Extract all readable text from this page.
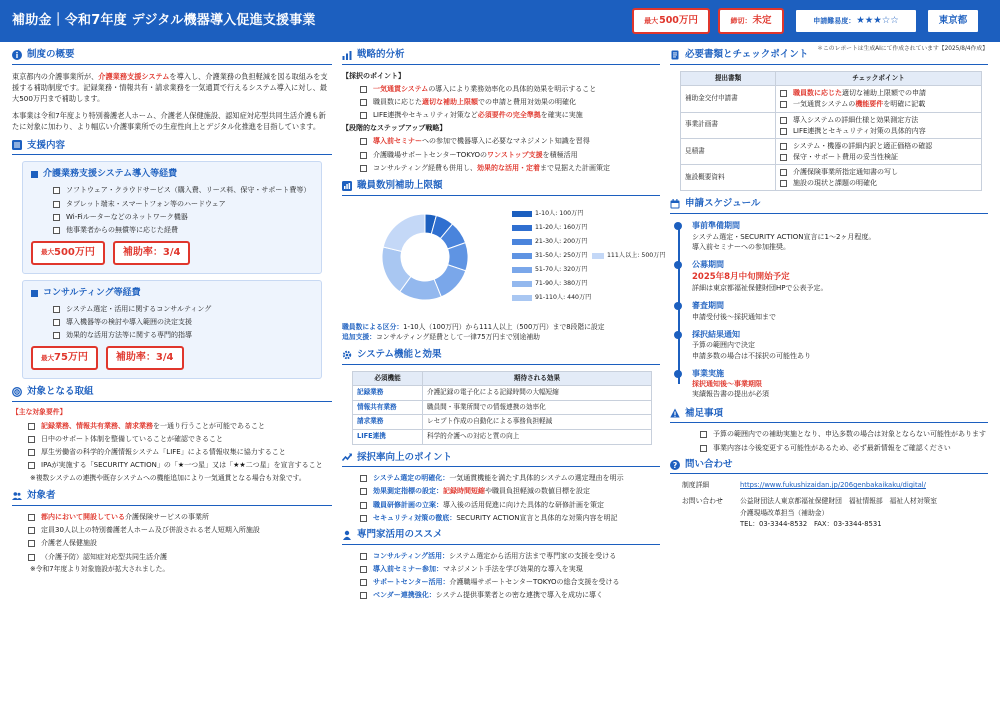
補助金｜令和7年度 デジタル機器導入促進支援事業	最大 500万円	締切： 未定	申請難易度： ★★★☆☆	東京都
制度の概要
東京都内の介護事業所が、介護業務支援システムを導入し、介護業務の負担軽減を図る取組みを支援する補助制度です。記録業務・情報共有・請求業務を一気通貫で行えるシステム導入に対し、最大500万円まで補助します。
本事業は令和7年度より特別養護老人ホーム、介護老人保健施設、認知症対応型共同生活介護も新たに対象に加わり、より幅広い介護事業所での生産性向上とデジタル化推進を目指しています。
支援内容
介護業務支援システム導入等経費
ソフトウェア・クラウドサービス（購入費、リース料、保守・サポート費等）
タブレット端末・スマートフォン等のハードウェア
Wi-Fiルーターなどのネットワーク機器
他事業者からの無償等に応じた経費
最大 500万円	補助率：3/4
コンサルティング等経費
システム選定・活用に関するコンサルティング
導入機器等の検討や導入範囲の決定支援
効果的な活用方法等に関する専門的指導
最大 75万円	補助率：3/4
対象となる取組
【主な対象要件】
記録業務、情報共有業務、請求業務を一通り行うことが可能であること
日中のサポート体制を整備していることが確認できること
厚生労働省の科学的介護情報システム「LIFE」による情報収集に協力すること
IPAが実施する「SECURITY ACTION」の「★一つ星」又は「★★二つ星」を宣言すること
※複数システムの連携や既存システムへの機能追加により一気通貫となる場合も対象です。
対象者
都内において開設している介護保険サービスの事業所
定員30人以上の特別養護老人ホーム及び併設される老人短期入所施設
介護老人保健施設
（介護予防）認知症対応型共同生活介護
※令和7年度より対象施設が拡大されました。
戦略的分析
【採択のポイント】
一気通貫システムの導入により業務効率化の具体的効果を明示すること
職員数に応じた適切な補助上限額での申請と費用対効果の明確化
LIFE連携やセキュリティ対策など必須要件の完全準拠を確実に実施
【段階的なステップアップ戦略】
導入前セミナーへの参加で機器導入に必要なマネジメント知識を習得
介護職場サポートセンターTOKYOのワンストップ支援を積極活用
コンサルティング経費も併用し、効果的な活用・定着まで見据えた計画策定
職員数別補助上限額
1-10人: 100万円
11-20人: 160万円
21-30人: 200万円
31-50人: 250万円
51-70人: 320万円
71-90人: 380万円
91-110人: 440万円
111人以上: 500万円
職員数による区分：1-10人（100万円）から111人以上（500万円）まで8段階に設定
追加支援：コンサルティング経費として一律75万円まで別途補助
システム機能と効果
必須機能	期待される効果
記録業務	介護記録の電子化による記録時間の大幅短縮
情報共有業務	職員間・事業所間での情報連携の効率化
請求業務	レセプト作成の自動化による事務負担軽減
LIFE連携	科学的介護への対応と質の向上
採択率向上のポイント
システム選定の明確化：一気通貫機能を満たす具体的システムの選定理由を明示
効果測定指標の設定：記録時間短縮や職員負担軽減の数値目標を設定
職員研修計画の立案：導入後の活用促進に向けた具体的な研修計画を策定
セキュリティ対策の徹底：SECURITY ACTION宣言と具体的な対策内容を明記
専門家活用のススメ
コンサルティング活用：システム選定から活用方法まで専門家の支援を受ける
導入前セミナー参加：マネジメント手法を学び効果的な導入を実現
サポートセンター活用：介護職場サポートセンターTOKYOの総合支援を受ける
ベンダー連携強化：システム提供事業者との密な連携で導入を成功に導く
必要書類とチェックポイント ＊このレポートは生成AIにて作成されています【2025/8/4作成】
提出書類	チェックポイント
補助金交付申請書	職員数に応じた適切な補助上限額での申請
一気通貫システムの機能要件を明確に記載

事業計画書	導入システムの詳細仕様と効果測定方法
LIFE連携とセキュリティ対策の具体的内容

見積書	システム・機器の詳細内訳と適正価格の確認
保守・サポート費用の妥当性検証

施設概要資料	介護保険事業所指定通知書の写し
施設の現状と課題の明確化
申請スケジュール
事前準備期間
システム選定・SECURITY ACTION宣言に1〜2ヶ月程度。
導入前セミナーへの参加推奨。
公募期間
2025年8月中旬開始予定
詳細は東京都福祉保健財団HPで公表予定。
審査期間
申請受付後〜採択通知まで
採択結果通知
予算の範囲内で決定
申請多数の場合は不採択の可能性あり
事業実施
採択通知後〜事業期限
実績報告書の提出が必須
補足事項
予算の範囲内での補助実施となり、申込多数の場合は対象とならない可能性があります
事業内容は今後変更する可能性があるため、必ず最新情報をご確認ください
? 問い合わせ
制度詳細	https://www.fukushizaidan.jp/206genbakaikaku/digital/
お問い合わせ	公益財団法人東京都福祉保健財団　福祉情報部　福祉人材対策室
介護現場改革担当（補助金）
TEL：03-3344-8532　FAX：03-3344-8531
